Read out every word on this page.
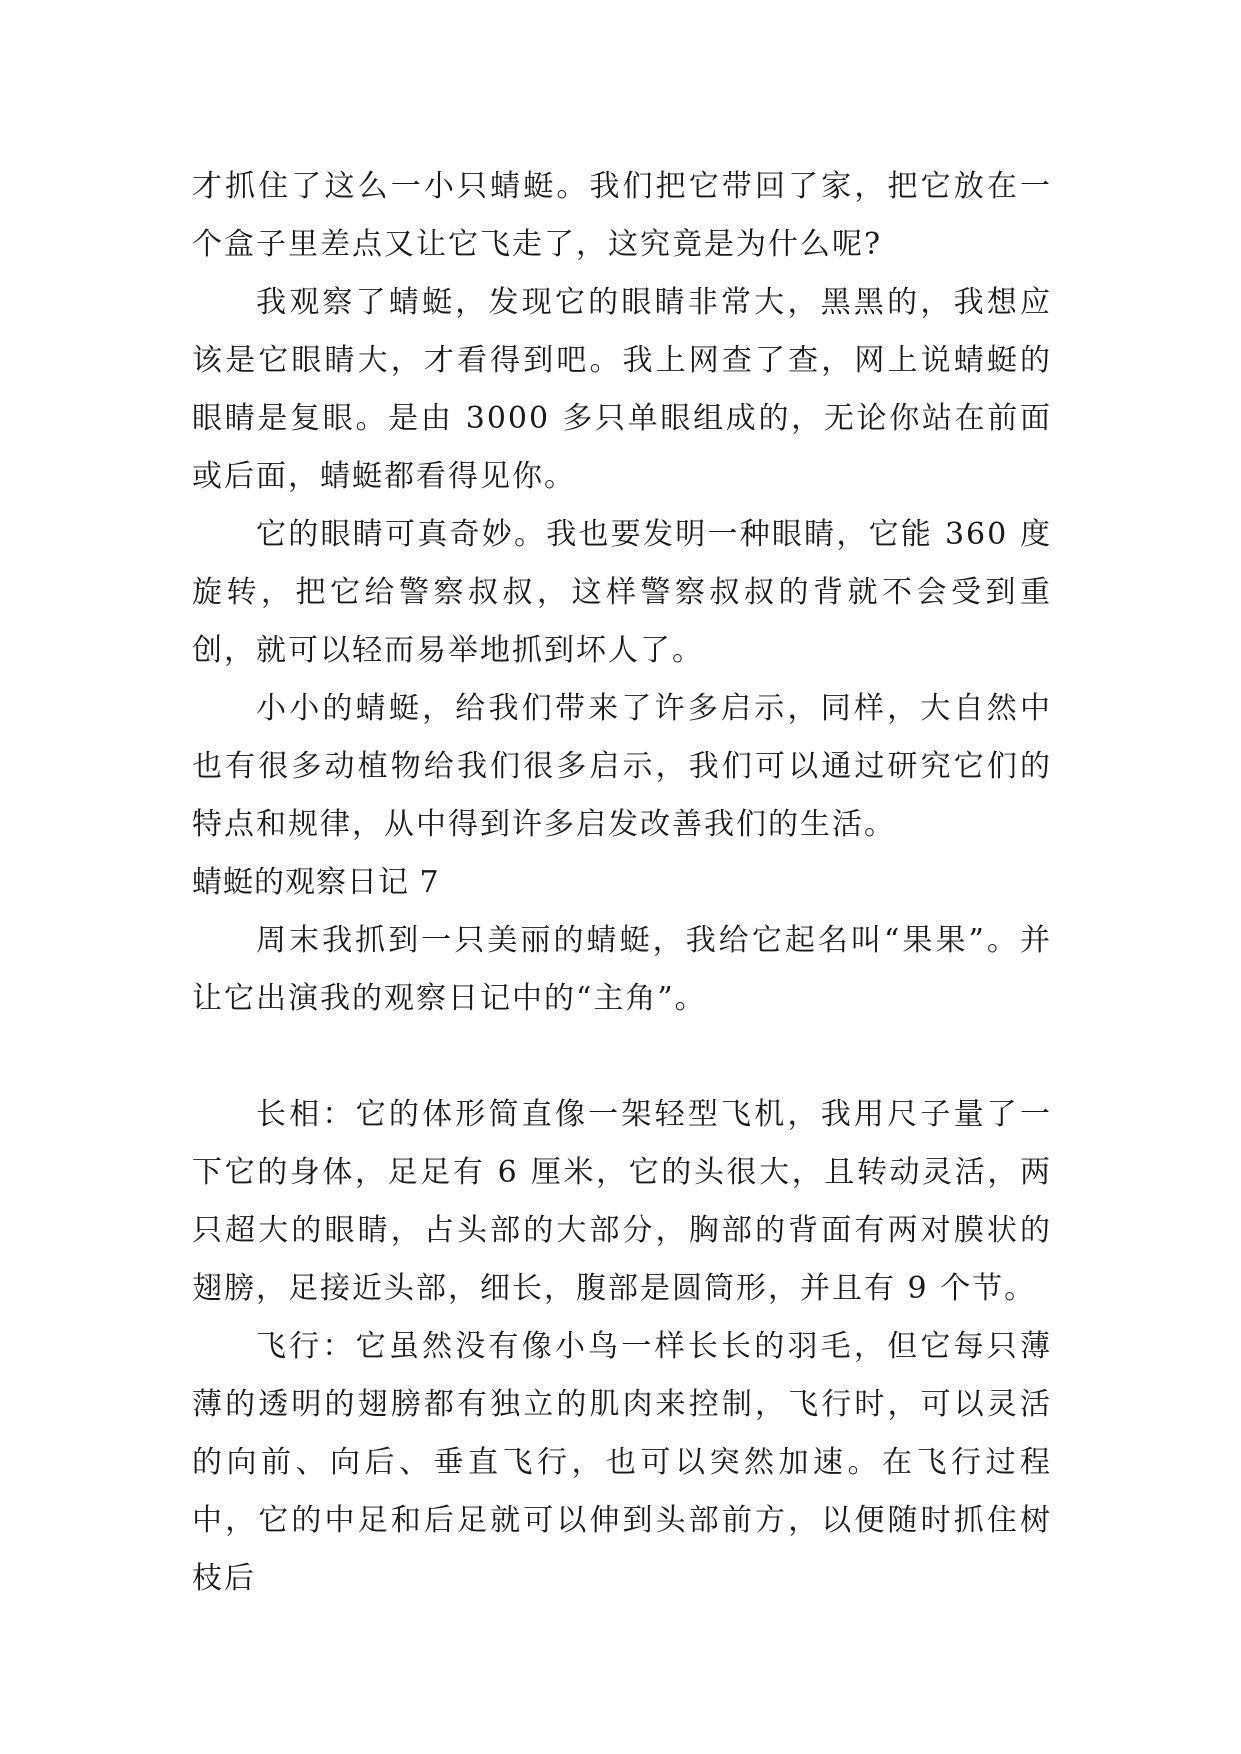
才抓住了这么一小只蜻蜓。我们把它带回了家，把它放在一个盒子里差点又让它飞走了，这究竟是为什么呢?

我观察了蜻蜓，发现它的眼睛非常大，黑黑的，我想应该是它眼睛大，才看得到吧。我上网查了查，网上说蜻蜓的眼睛是复眼。是由 3000 多只单眼组成的，无论你站在前面或后面，蜻蜓都看得见你。

它的眼睛可真奇妙。我也要发明一种眼睛，它能 360 度旋转，把它给警察叔叔，这样警察叔叔的背就不会受到重创，就可以轻而易举地抓到坏人了。

小小的蜻蜓，给我们带来了许多启示，同样，大自然中也有很多动植物给我们很多启示，我们可以通过研究它们的特点和规律，从中得到许多启发改善我们的生活。

蜻蜓的观察日记 7

周末我抓到一只美丽的蜻蜓，我给它起名叫“果果”。并让它出演我的观察日记中的“主角”。

长相：它的体形简直像一架轻型飞机，我用尺子量了一下它的身体，足足有 6 厘米，它的头很大，且转动灵活，两只超大的眼睛，占头部的大部分，胸部的背面有两对膜状的翅膀，足接近头部，细长，腹部是圆筒形，并且有 9 个节。

飞行：它虽然没有像小鸟一样长长的羽毛，但它每只薄薄的透明的翅膀都有独立的肌肉来控制，飞行时，可以灵活的向前、向后、垂直飞行，也可以突然加速。在飞行过程中，它的中足和后足就可以伸到头部前方，以便随时抓住树枝后
